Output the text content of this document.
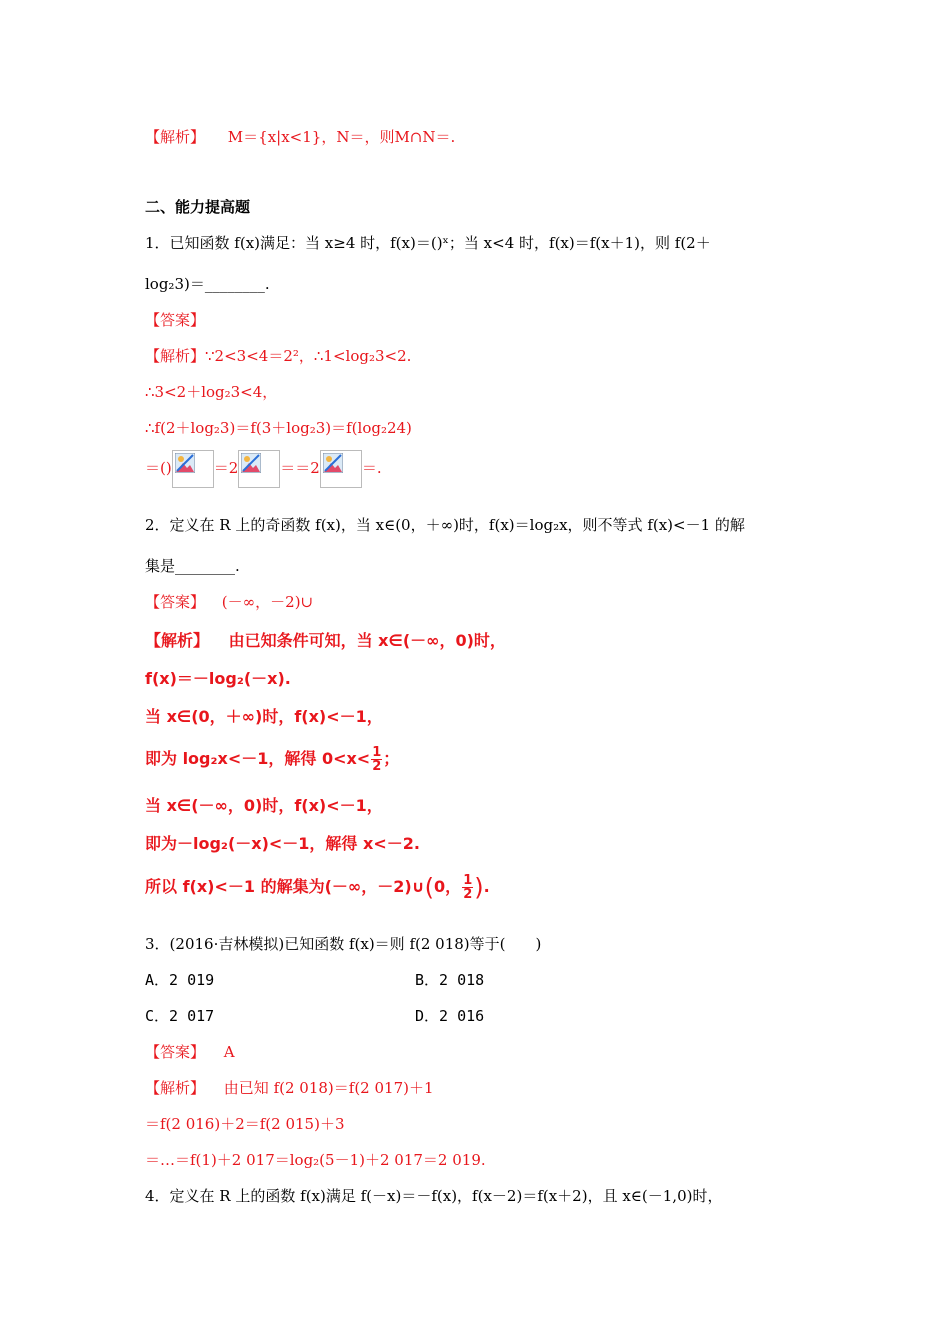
【解析】 M＝{x|x<1}，N＝，则M∩N＝.
二、能力提高题
1．已知函数 f(x)满足：当 x≥4 时，f(x)＝()ˣ；当 x<4 时，f(x)＝f(x＋1)，则 f(2＋
log₂3)＝________.
【答案】
【解析】∵2<3<4＝2²，∴1<log₂3<2.
∴3<2＋log₂3<4，
∴f(2＋log₂3)＝f(3＋log₂3)＝f(log₂24)
＝()	＝2	＝＝2	＝.
2．定义在 R 上的奇函数 f(x)，当 x∈(0，＋∞)时，f(x)＝log₂x，则不等式 f(x)<－1 的解
集是________.
【答案】 (－∞，－2)∪
【解析】 由已知条件可知，当 x∈(－∞，0)时，
f(x)＝－log₂(－x).
当 x∈(0，＋∞)时，f(x)<－1，
即为 log₂x<－1，解得 $0<x< \frac{1}{2}$ ；
当 x∈(－∞，0)时，f(x)<－1，
即为－log₂(－x)<－1，解得 x<－2.
所以 f(x)<－1 的解集为(－∞，－2)∪(0， $\frac{1}{2}$ ).
3．(2016·吉林模拟)已知函数 f(x)＝则 f(2 018)等于(　　)
A．2 019	B．2 018
C．2 017	D．2 016
【答案】 A
【解析】 由已知 f(2 018)＝f(2 017)＋1
＝f(2 016)＋2＝f(2 015)＋3
＝…＝f(1)＋2 017＝log₂(5－1)＋2 017＝2 019.
4．定义在 R 上的函数 f(x)满足 f(－x)＝－f(x)，f(x－2)＝f(x＋2)，且 x∈(－1,0)时，
